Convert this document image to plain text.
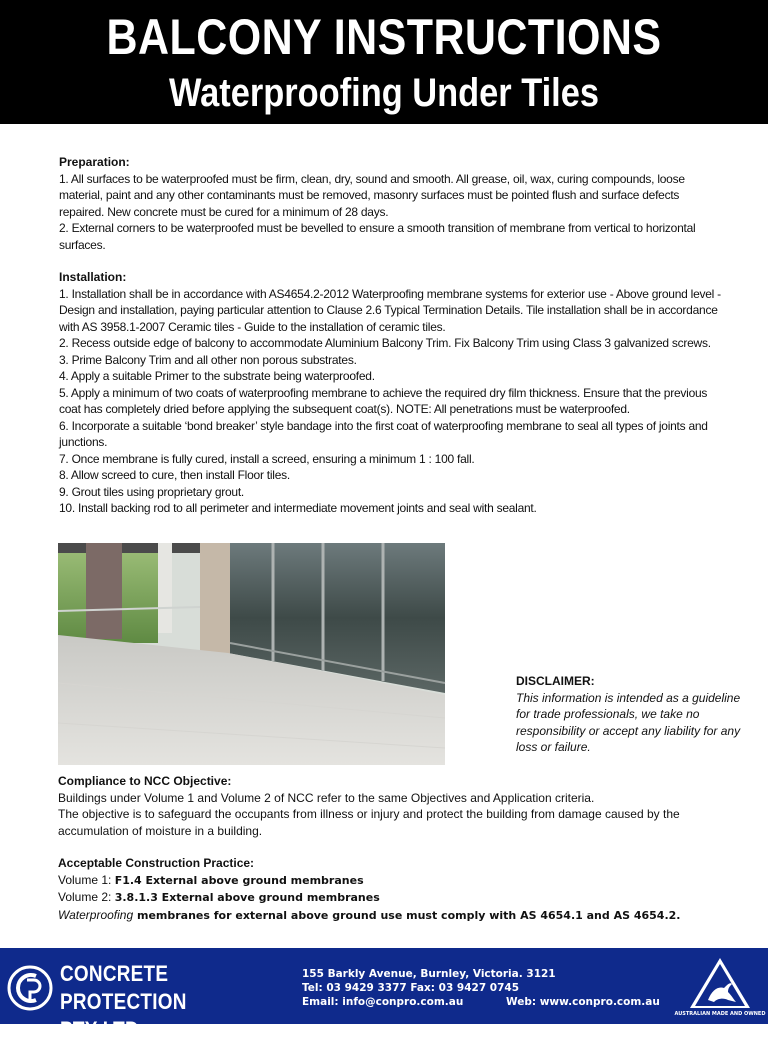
BALCONY INSTRUCTIONS
Waterproofing Under Tiles
Preparation:
1. All surfaces to be waterproofed must be firm, clean, dry, sound and smooth. All grease, oil, wax, curing compounds, loose material, paint and any other contaminants must be removed, masonry surfaces must be pointed flush and surface defects repaired. New concrete must be cured for a minimum of 28 days.
2. External corners to be waterproofed must be bevelled to ensure a smooth transition of membrane from vertical to horizontal surfaces.
Installation:
1. Installation shall be in accordance with AS4654.2-2012 Waterproofing membrane systems for exterior use - Above ground level - Design and installation, paying particular attention to Clause 2.6 Typical Termination Details. Tile installation shall be in accordance with AS 3958.1-2007 Ceramic tiles - Guide to the installation of ceramic tiles.
2. Recess outside edge of balcony to accommodate Aluminium Balcony Trim. Fix Balcony Trim using Class 3 galvanized screws.
3. Prime Balcony Trim and all other non porous substrates.
4. Apply a suitable Primer to the substrate being waterproofed.
5. Apply a minimum of two coats of waterproofing membrane to achieve the required dry film thickness. Ensure that the previous coat has completely dried before applying the subsequent coat(s). NOTE: All penetrations must be waterproofed.
6. Incorporate a suitable ‘bond breaker’ style bandage into the first coat of waterproofing membrane to seal all types of joints and junctions.
7. Once membrane is fully cured, install a screed, ensuring a minimum 1 : 100 fall.
8. Allow screed to cure, then install Floor tiles.
9. Grout tiles using proprietary grout.
10. Install backing rod to all perimeter and intermediate movement joints and seal with sealant.
DISCLAIMER:
This information is intended as a guideline for trade professionals, we take no responsibility or accept any liability for any loss or failure.
Compliance to NCC Objective:
Buildings under Volume 1 and Volume 2 of NCC refer to the same Objectives and Application criteria.
The objective is to safeguard the occupants from illness or injury and protect the building from damage caused by the accumulation of moisture in a building.
Acceptable Construction Practice:
Volume 1: F1.4 External above ground membranes
Volume 2: 3.8.1.3 External above ground membranes
Waterproofing membranes for external above ground use must comply with AS 4654.1 and AS 4654.2.
CONCRETE PROTECTION
PTY LTD
155 Barkly Avenue, Burnley, Victoria. 3121
Tel: 03 9429 3377 Fax: 03 9427 0745
Email: info@conpro.com.au	Web: www.conpro.com.au
AUSTRALIAN MADE AND OWNED
